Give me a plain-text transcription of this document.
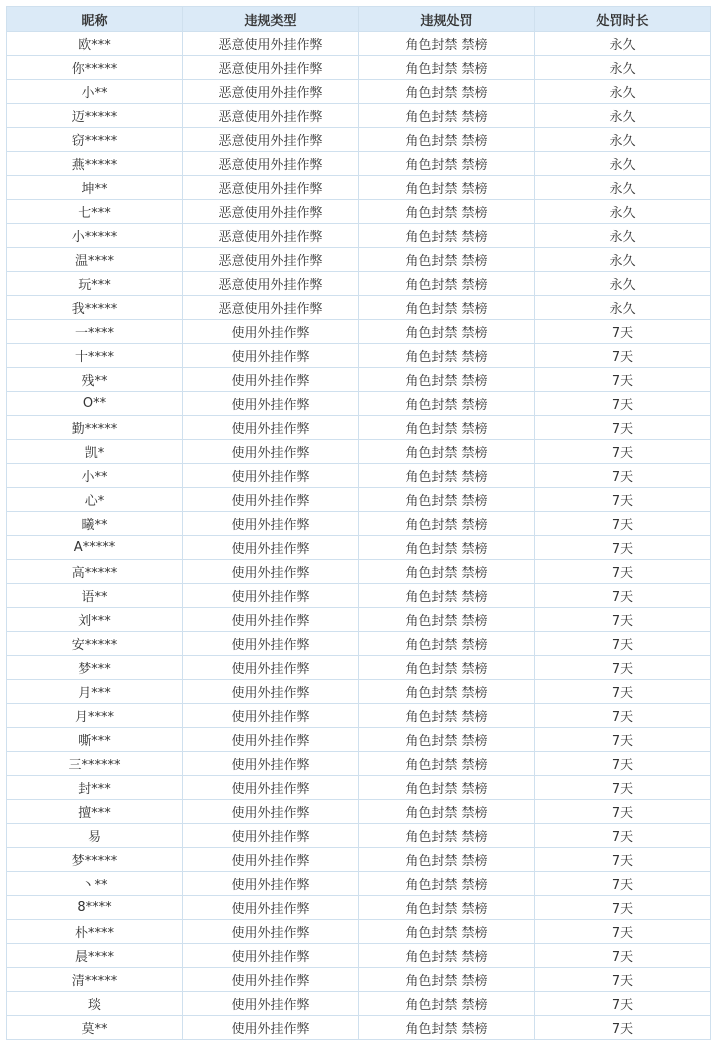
昵称	违规类型	违规处罚	处罚时长
欧***	恶意使用外挂作弊	角色封禁 禁榜	永久
你*****	恶意使用外挂作弊	角色封禁 禁榜	永久
小**	恶意使用外挂作弊	角色封禁 禁榜	永久
迈*****	恶意使用外挂作弊	角色封禁 禁榜	永久
窃*****	恶意使用外挂作弊	角色封禁 禁榜	永久
燕*****	恶意使用外挂作弊	角色封禁 禁榜	永久
坤**	恶意使用外挂作弊	角色封禁 禁榜	永久
七***	恶意使用外挂作弊	角色封禁 禁榜	永久
小*****	恶意使用外挂作弊	角色封禁 禁榜	永久
温****	恶意使用外挂作弊	角色封禁 禁榜	永久
玩***	恶意使用外挂作弊	角色封禁 禁榜	永久
我*****	恶意使用外挂作弊	角色封禁 禁榜	永久
一****	使用外挂作弊	角色封禁 禁榜	7天
十****	使用外挂作弊	角色封禁 禁榜	7天
残**	使用外挂作弊	角色封禁 禁榜	7天
O**	使用外挂作弊	角色封禁 禁榜	7天
勤*****	使用外挂作弊	角色封禁 禁榜	7天
凯*	使用外挂作弊	角色封禁 禁榜	7天
小**	使用外挂作弊	角色封禁 禁榜	7天
心*	使用外挂作弊	角色封禁 禁榜	7天
曦**	使用外挂作弊	角色封禁 禁榜	7天
A*****	使用外挂作弊	角色封禁 禁榜	7天
高*****	使用外挂作弊	角色封禁 禁榜	7天
语**	使用外挂作弊	角色封禁 禁榜	7天
刘***	使用外挂作弊	角色封禁 禁榜	7天
安*****	使用外挂作弊	角色封禁 禁榜	7天
梦***	使用外挂作弊	角色封禁 禁榜	7天
月***	使用外挂作弊	角色封禁 禁榜	7天
月****	使用外挂作弊	角色封禁 禁榜	7天
嘶***	使用外挂作弊	角色封禁 禁榜	7天
三******	使用外挂作弊	角色封禁 禁榜	7天
封***	使用外挂作弊	角色封禁 禁榜	7天
擅***	使用外挂作弊	角色封禁 禁榜	7天
易	使用外挂作弊	角色封禁 禁榜	7天
梦*****	使用外挂作弊	角色封禁 禁榜	7天
丶**	使用外挂作弊	角色封禁 禁榜	7天
8****	使用外挂作弊	角色封禁 禁榜	7天
朴****	使用外挂作弊	角色封禁 禁榜	7天
晨****	使用外挂作弊	角色封禁 禁榜	7天
清*****	使用外挂作弊	角色封禁 禁榜	7天
琰	使用外挂作弊	角色封禁 禁榜	7天
莫**	使用外挂作弊	角色封禁 禁榜	7天
